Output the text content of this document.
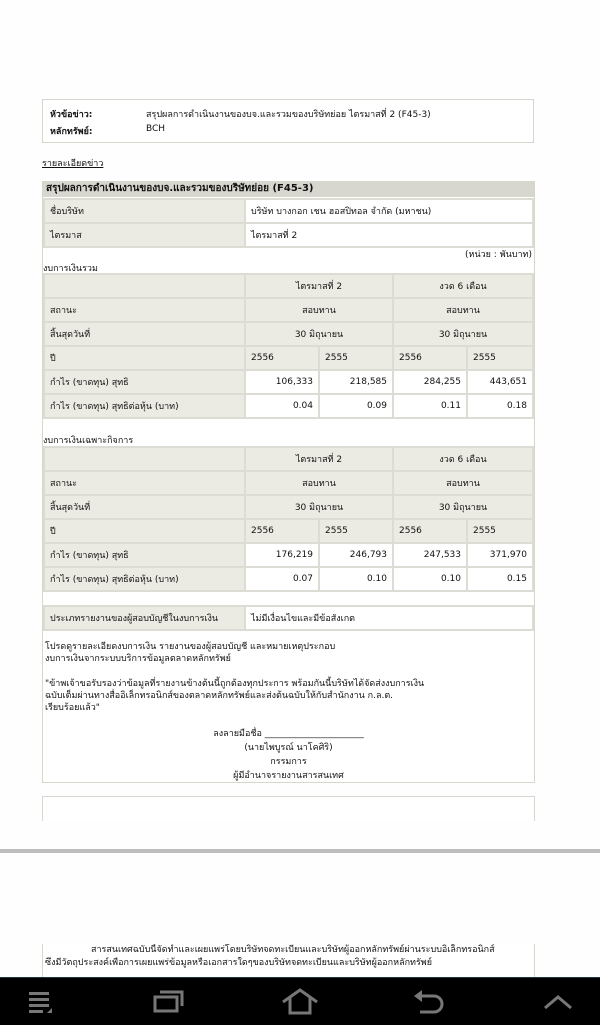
หัวข้อข่าว:	สรุปผลการดำเนินงานของบจ.และรวมของบริษัทย่อย ไตรมาสที่ 2 (F45-3)
หลักทรัพย์:	BCH
รายละเอียดข่าว
สรุปผลการดำเนินงานของบจ.และรวมของบริษัทย่อย (F45-3)
ชื่อบริษัท	บริษัท บางกอก เชน ฮอสปิทอล จำกัด (มหาชน)
ไตรมาส	ไตรมาสที่ 2
(หน่วย : พันบาท)
งบการเงินรวม
	ไตรมาสที่ 2		งวด 6 เดือน	
สถานะ	สอบทาน		สอบทาน	
สิ้นสุดวันที่	30 มิถุนายน		30 มิถุนายน	
ปี	2556	2555	2556	2555
กำไร (ขาดทุน) สุทธิ	106,333	218,585	284,255	443,651
กำไร (ขาดทุน) สุทธิต่อหุ้น (บาท)	0.04	0.09	0.11	0.18
งบการเงินเฉพาะกิจการ
	ไตรมาสที่ 2		งวด 6 เดือน	
สถานะ	สอบทาน		สอบทาน	
สิ้นสุดวันที่	30 มิถุนายน		30 มิถุนายน	
ปี	2556	2555	2556	2555
กำไร (ขาดทุน) สุทธิ	176,219	246,793	247,533	371,970
กำไร (ขาดทุน) สุทธิต่อหุ้น (บาท)	0.07	0.10	0.10	0.15
ประเภทรายงานของผู้สอบบัญชีในงบการเงิน	ไม่มีเงื่อนไขและมีข้อสังเกต
โปรดดูรายละเอียดงบการเงิน รายงานของผู้สอบบัญชี และหมายเหตุประกอบ
งบการเงินจากระบบบริการข้อมูลตลาดหลักทรัพย์
"ข้าพเจ้าขอรับรองว่าข้อมูลที่รายงานข้างต้นนี้ถูกต้องทุกประการ พร้อมกันนี้บริษัทได้จัดส่งงบการเงิน
ฉบับเต็มผ่านทางสื่ออิเล็กทรอนิกส์ของตลาดหลักทรัพย์และส่งต้นฉบับให้กับสำนักงาน ก.ล.ต.
เรียบร้อยแล้ว"
ลงลายมือชื่อ ______________________
(นายไพบูรณ์ นาโคศิริ)
กรรมการ
ผู้มีอำนาจรายงานสารสนเทศ

สารสนเทศฉบับนี้จัดทำและเผยแพร่โดยบริษัทจดทะเบียนและบริษัทผู้ออกหลักทรัพย์ผ่านระบบอิเล็กทรอนิกส์

ซึ่งมีวัตถุประสงค์เพื่อการเผยแพร่ข้อมูลหรือเอกสารใดๆของบริษัทจดทะเบียนและบริษัทผู้ออกหลักทรัพย์
